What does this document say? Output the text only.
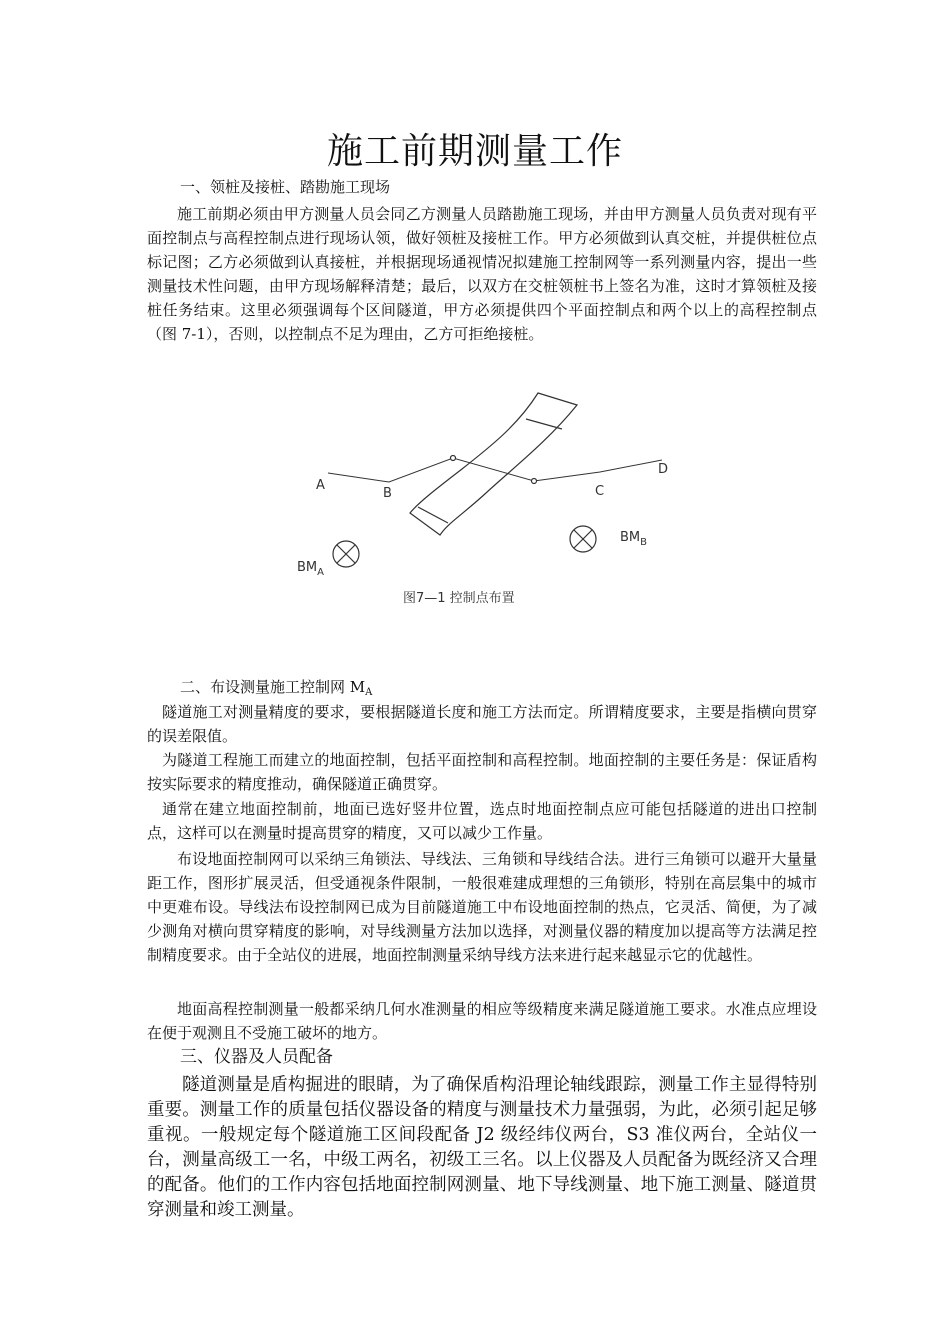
施工前期测量工作
一、领桩及接桩、踏勘施工现场

施工前期必须由甲方测量人员会同乙方测量人员踏勘施工现场，并由甲方测量人员负责对现有平面控制点与高程控制点进行现场认领，做好领桩及接桩工作。甲方必须做到认真交桩，并提供桩位点标记图；乙方必须做到认真接桩，并根据现场通视情况拟建施工控制网等一系列测量内容，提出一些测量技术性问题，由甲方现场解释清楚；最后，以双方在交桩领桩书上签名为准，这时才算领桩及接桩任务结束。这里必须强调每个区间隧道，甲方必须提供四个平面控制点和两个以上的高程控制点（图 7-1），否则，以控制点不足为理由，乙方可拒绝接桩。

A
B	C
D
$BM_A$
$BM_B$
图7—1 控制点布置
二、布设测量施工控制网 $M_A$

隧道施工对测量精度的要求，要根据隧道长度和施工方法而定。所谓精度要求，主要是指横向贯穿的误差限值。

为隧道工程施工而建立的地面控制，包括平面控制和高程控制。地面控制的主要任务是：保证盾构按实际要求的精度推动，确保隧道正确贯穿。

通常在建立地面控制前，地面已选好竖井位置，选点时地面控制点应可能包括隧道的进出口控制点，这样可以在测量时提高贯穿的精度，又可以减少工作量。

布设地面控制网可以采纳三角锁法、导线法、三角锁和导线结合法。进行三角锁可以避开大量量距工作，图形扩展灵活，但受通视条件限制，一般很难建成理想的三角锁形，特别在高层集中的城市中更难布设。导线法布设控制网已成为目前隧道施工中布设地面控制的热点，它灵活、简便，为了减少测角对横向贯穿精度的影响，对导线测量方法加以选择，对测量仪器的精度加以提高等方法满足控制精度要求。由于全站仪的进展，地面控制测量采纳导线方法来进行起来越显示它的优越性。

地面高程控制测量一般都采纳几何水准测量的相应等级精度来满足隧道施工要求。水准点应埋设在便于观测且不受施工破坏的地方。

三、仪器及人员配备

隧道测量是盾构掘进的眼睛，为了确保盾构沿理论轴线跟踪，测量工作主显得特别重要。测量工作的质量包括仪器设备的精度与测量技术力量强弱，为此，必须引起足够重视。一般规定每个隧道施工区间段配备 J2 级经纬仪两台，S3 准仪两台，全站仪一台，测量高级工一名，中级工两名，初级工三名。以上仪器及人员配备为既经济又合理的配备。他们的工作内容包括地面控制网测量、地下导线测量、地下施工测量、隧道贯穿测量和竣工测量。
